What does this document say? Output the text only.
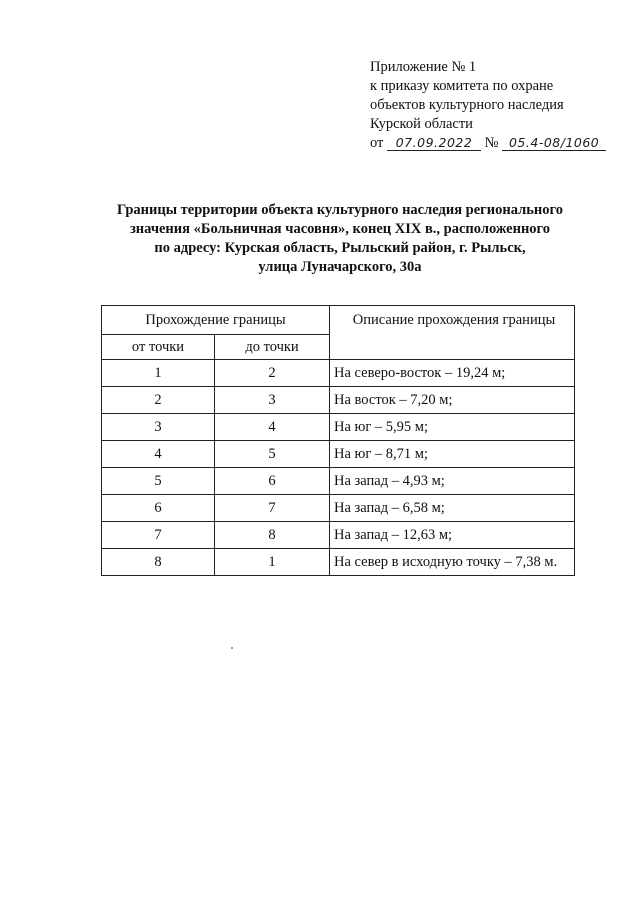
Приложение № 1
к приказу комитета по охране
объектов культурного наследия
Курской области
от 07.09.2022 № 05.4-08/1060
Границы территории объекта культурного наследия регионального
значения «Больничная часовня», конец XIX в., расположенного
по адресу: Курская область, Рыльский район, г. Рыльск,
улица Луначарского, 30а
Прохождение границы		Описание прохождения границы
от точки	до точки	
1	2	На северо-восток – 19,24 м;
2	3	На восток – 7,20 м;
3	4	На юг – 5,95 м;
4	5	На юг – 8,71 м;
5	6	На запад – 4,93 м;
6	7	На запад – 6,58 м;
7	8	На запад – 12,63 м;
8	1	На север в исходную точку – 7,38 м.
